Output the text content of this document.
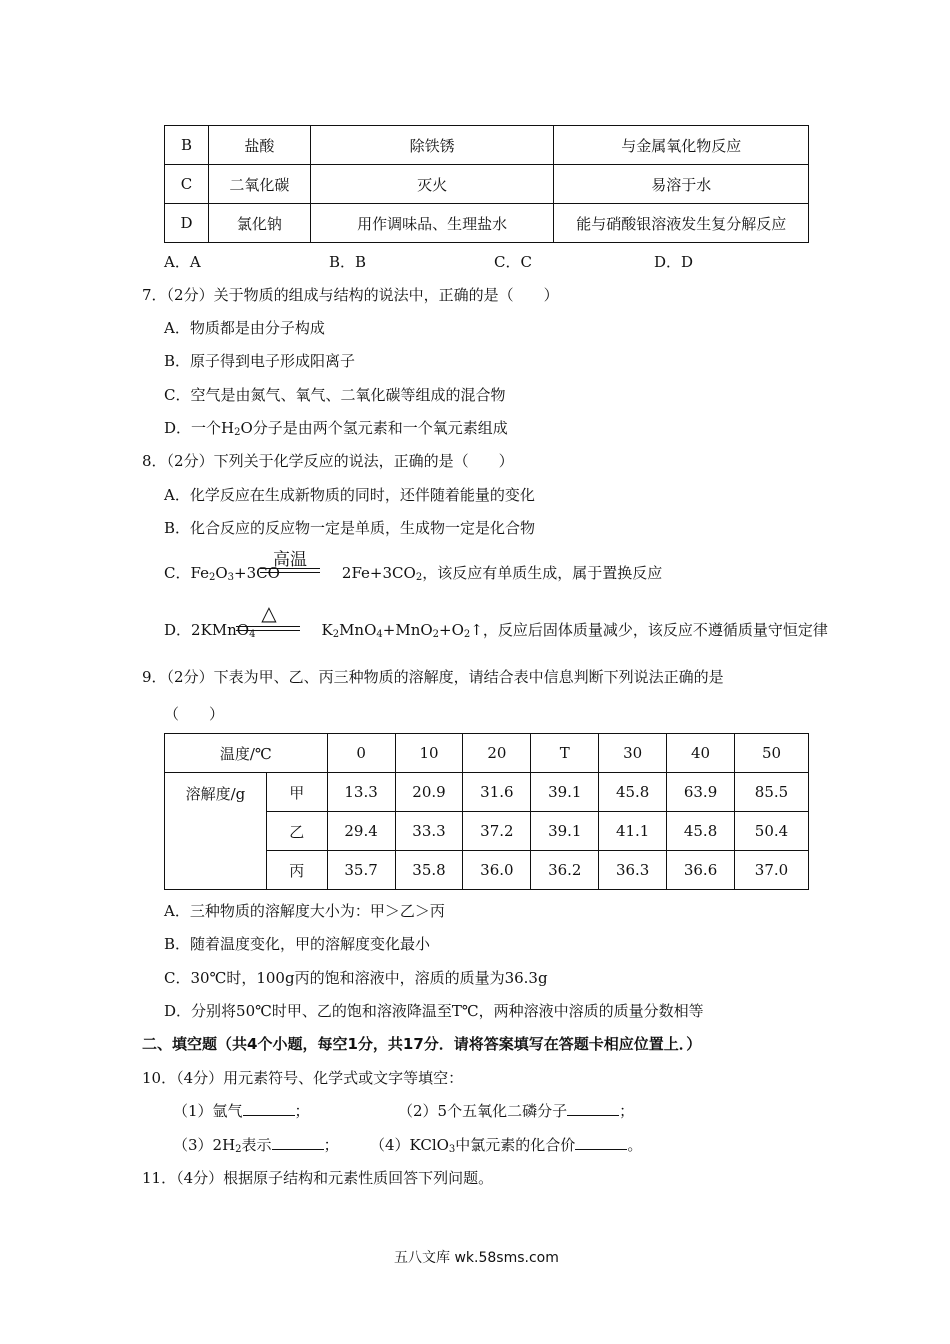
B	盐酸	除铁锈	与金属氧化物反应
C	二氧化碳	灭火	易溶于水
D	氯化钠	用作调味品、生理盐水	能与硝酸银溶液发生复分解反应
A．A	B．B	C．C	D．D
7．（2分）关于物质的组成与结构的说法中，正确的是（　　）
A．物质都是由分子构成
B．原子得到电子形成阳离子
C．空气是由氮气、氧气、二氧化碳等组成的混合物
D．一个$H_2O$分子是由两个氢元素和一个氧元素组成
8．（2分）下列关于化学反应的说法，正确的是（　　）
A．化学反应在生成新物质的同时，还伴随着能量的变化
B．化合反应的反应物一定是单质，生成物一定是化合物
C．$Fe_2O_3+3CO$	$2Fe+3CO_2$，该反应有单质生成，属于置换反应
高温
D．2KMnO$_4$	$K_2MnO_4+MnO_2+O_2↑$，反应后固体质量减少，该反应不遵循质量守恒定律
△
9．（2分）下表为甲、乙、丙三种物质的溶解度，请结合表中信息判断下列说法正确的是
（　　）
温度/℃		0	10	20	T	30	40	50
溶解度/g	甲	13.3	20.9	31.6	39.1	45.8	63.9	85.5
	乙	29.4	33.3	37.2	39.1	41.1	45.8	50.4
	丙	35.7	35.8	36.0	36.2	36.3	36.6	37.0
A．三种物质的溶解度大小为：甲＞乙＞丙
B．随着温度变化，甲的溶解度变化最小
C．30℃时，100g丙的饱和溶液中，溶质的质量为36.3g
D．分别将50℃时甲、乙的饱和溶液降温至T℃，两种溶液中溶质的质量分数相等
二、填空题（共4个小题，每空1分，共17分．请将答案填写在答题卡相应位置上．）
10．（4分）用元素符号、化学式或文字等填空：
（1）氩气	；	（2）5个五氧化二磷分子	；
$(3)2H_2$表示	； （4）KClO$_3$中氯元素的化合价	。
11．（4分）根据原子结构和元素性质回答下列问题。
五八文库 wk.58sms.com
